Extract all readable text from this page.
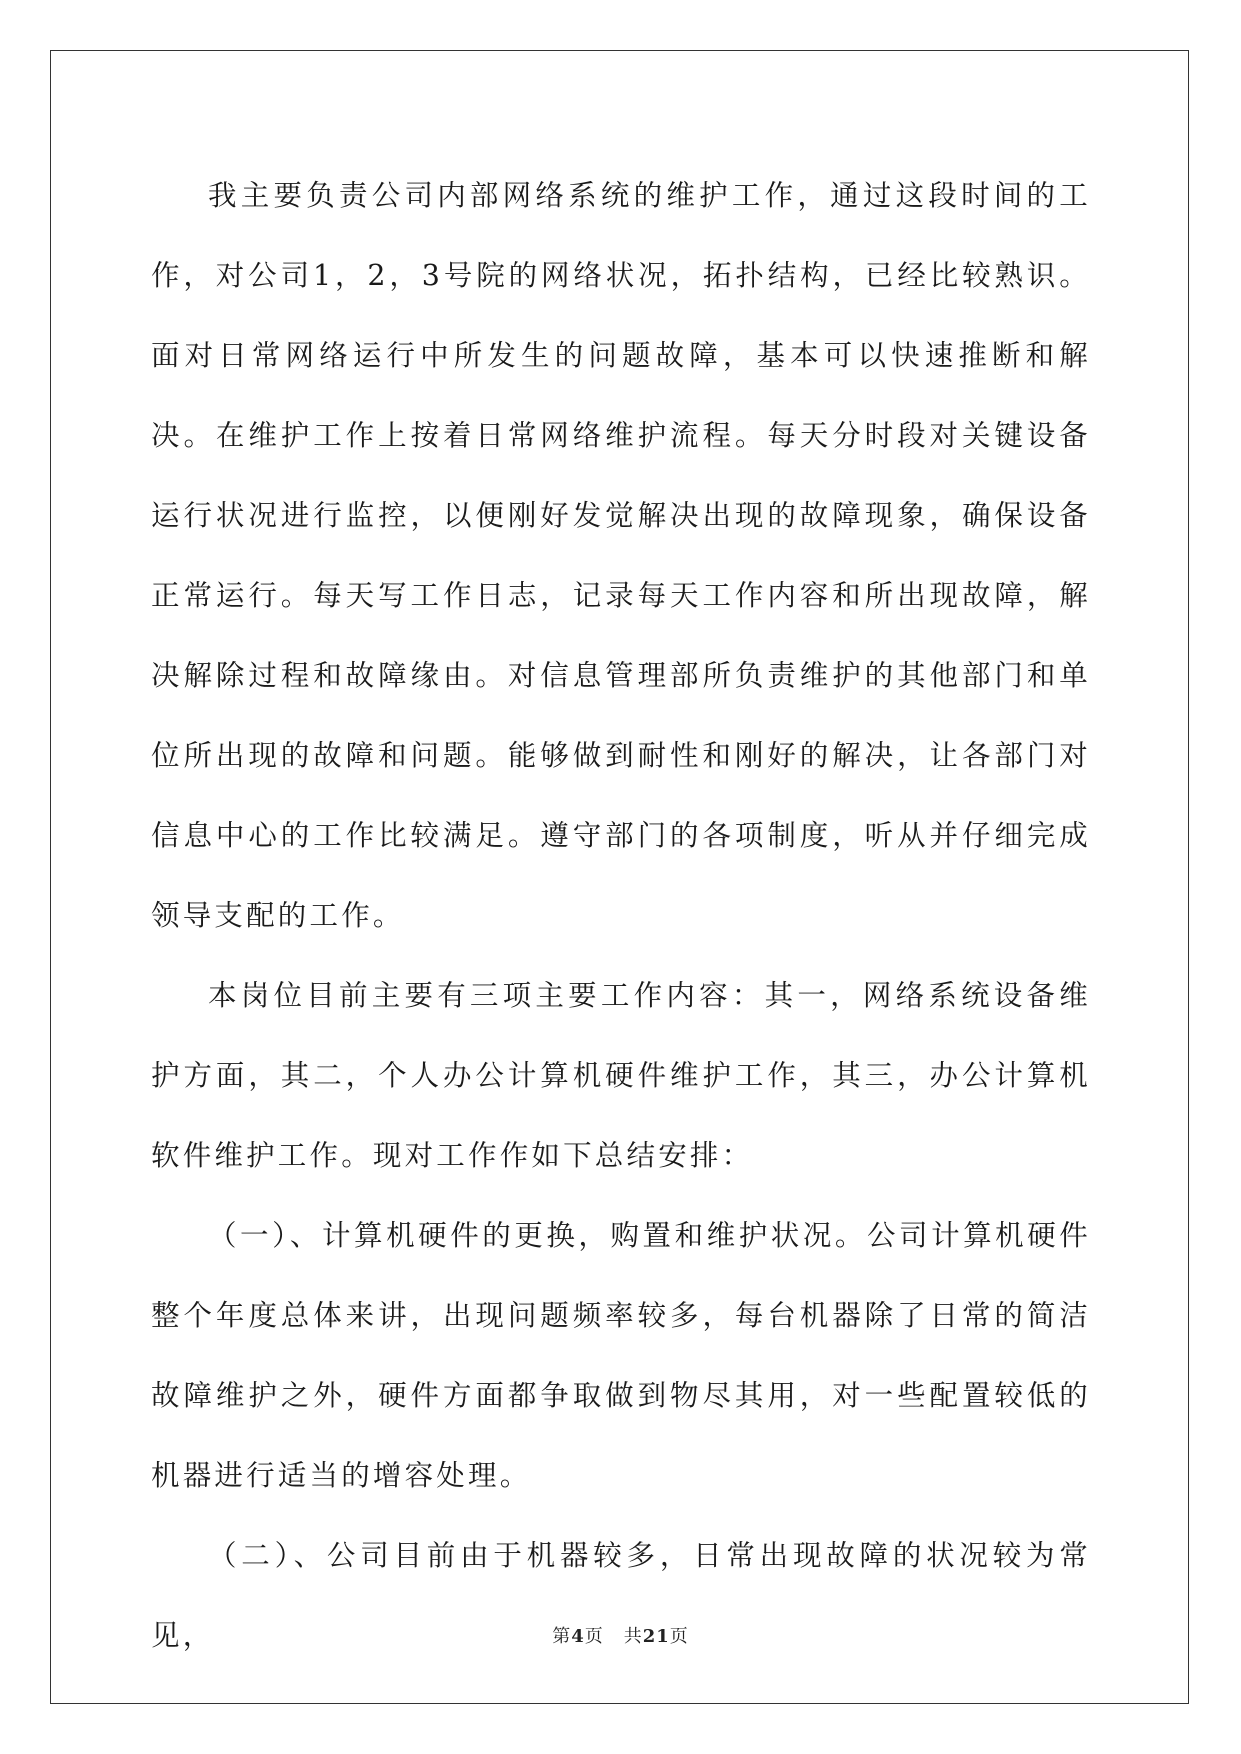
我主要负责公司内部网络系统的维护工作，通过这段时间的工作，对公司1，2，3号院的网络状况，拓扑结构，已经比较熟识。面对日常网络运行中所发生的问题故障，基本可以快速推断和解决。在维护工作上按着日常网络维护流程。每天分时段对关键设备运行状况进行监控，以便刚好发觉解决出现的故障现象，确保设备正常运行。每天写工作日志，记录每天工作内容和所出现故障，解决解除过程和故障缘由。对信息管理部所负责维护的其他部门和单位所出现的故障和问题。能够做到耐性和刚好的解决，让各部门对信息中心的工作比较满足。遵守部门的各项制度，听从并仔细完成领导支配的工作。

本岗位目前主要有三项主要工作内容：其一，网络系统设备维护方面，其二，个人办公计算机硬件维护工作，其三，办公计算机软件维护工作。现对工作作如下总结安排：

（一）、计算机硬件的更换，购置和维护状况。公司计算机硬件整个年度总体来讲，出现问题频率较多，每台机器除了日常的简洁故障维护之外，硬件方面都争取做到物尽其用，对一些配置较低的机器进行适当的增容处理。

（二）、公司目前由于机器较多，日常出现故障的状况较为常见，	第4页 共21页
